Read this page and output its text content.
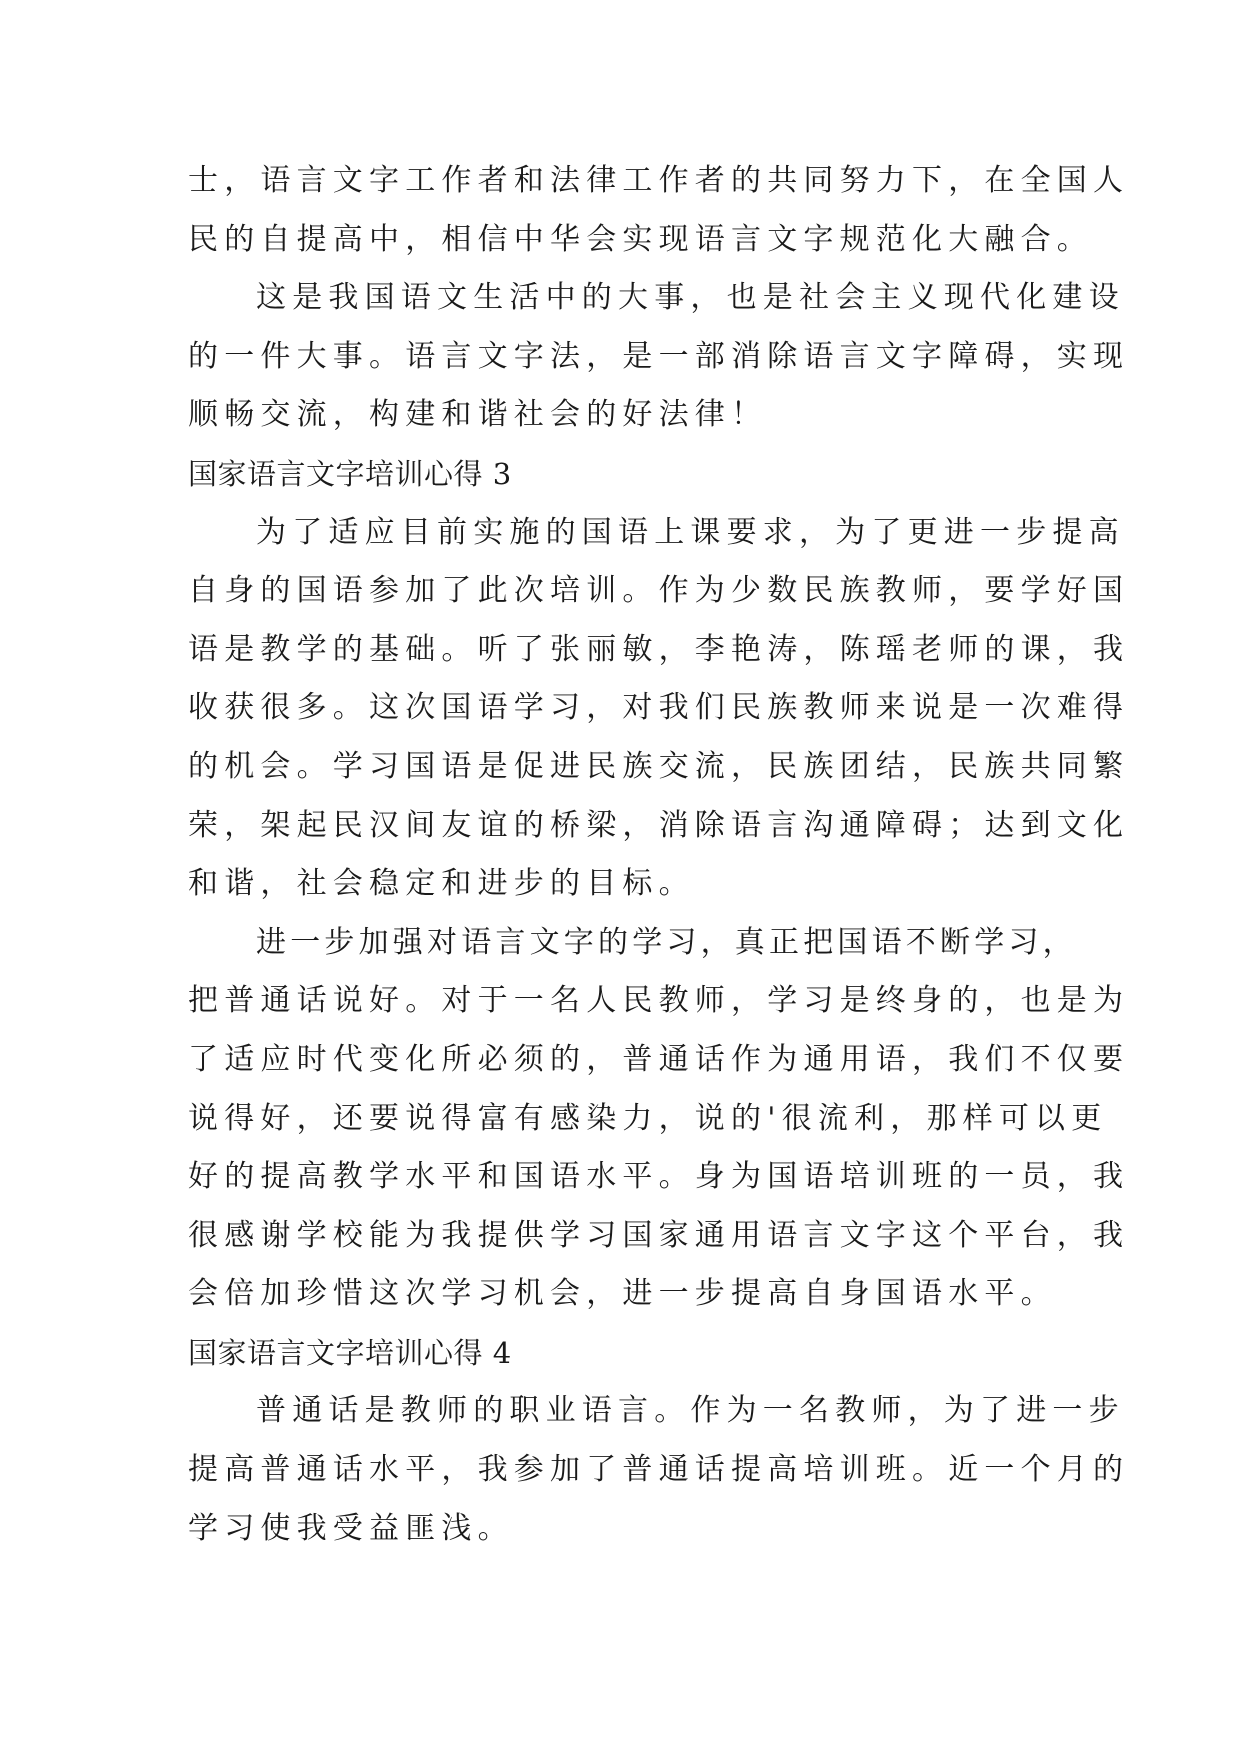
士，语言文字工作者和法律工作者的共同努力下，在全国人
民的自提高中，相信中华会实现语言文字规范化大融合。
这是我国语文生活中的大事，也是社会主义现代化建设
的一件大事。语言文字法，是一部消除语言文字障碍，实现
顺畅交流，构建和谐社会的好法律！
国家语言文字培训心得 3
为了适应目前实施的国语上课要求，为了更进一步提高
自身的国语参加了此次培训。作为少数民族教师，要学好国
语是教学的基础。听了张丽敏，李艳涛，陈瑶老师的课，我
收获很多。这次国语学习，对我们民族教师来说是一次难得
的机会。学习国语是促进民族交流，民族团结，民族共同繁
荣，架起民汉间友谊的桥梁，消除语言沟通障碍；达到文化
和谐，社会稳定和进步的目标。
进一步加强对语言文字的学习，真正把国语不断学习，
把普通话说好。对于一名人民教师，学习是终身的，也是为
了适应时代变化所必须的，普通话作为通用语，我们不仅要
说得好，还要说得富有感染力，说的'很流利，那样可以更
好的提高教学水平和国语水平。身为国语培训班的一员，我
很感谢学校能为我提供学习国家通用语言文字这个平台，我
会倍加珍惜这次学习机会，进一步提高自身国语水平。
国家语言文字培训心得 4
普通话是教师的职业语言。作为一名教师，为了进一步
提高普通话水平，我参加了普通话提高培训班。近一个月的
学习使我受益匪浅。
